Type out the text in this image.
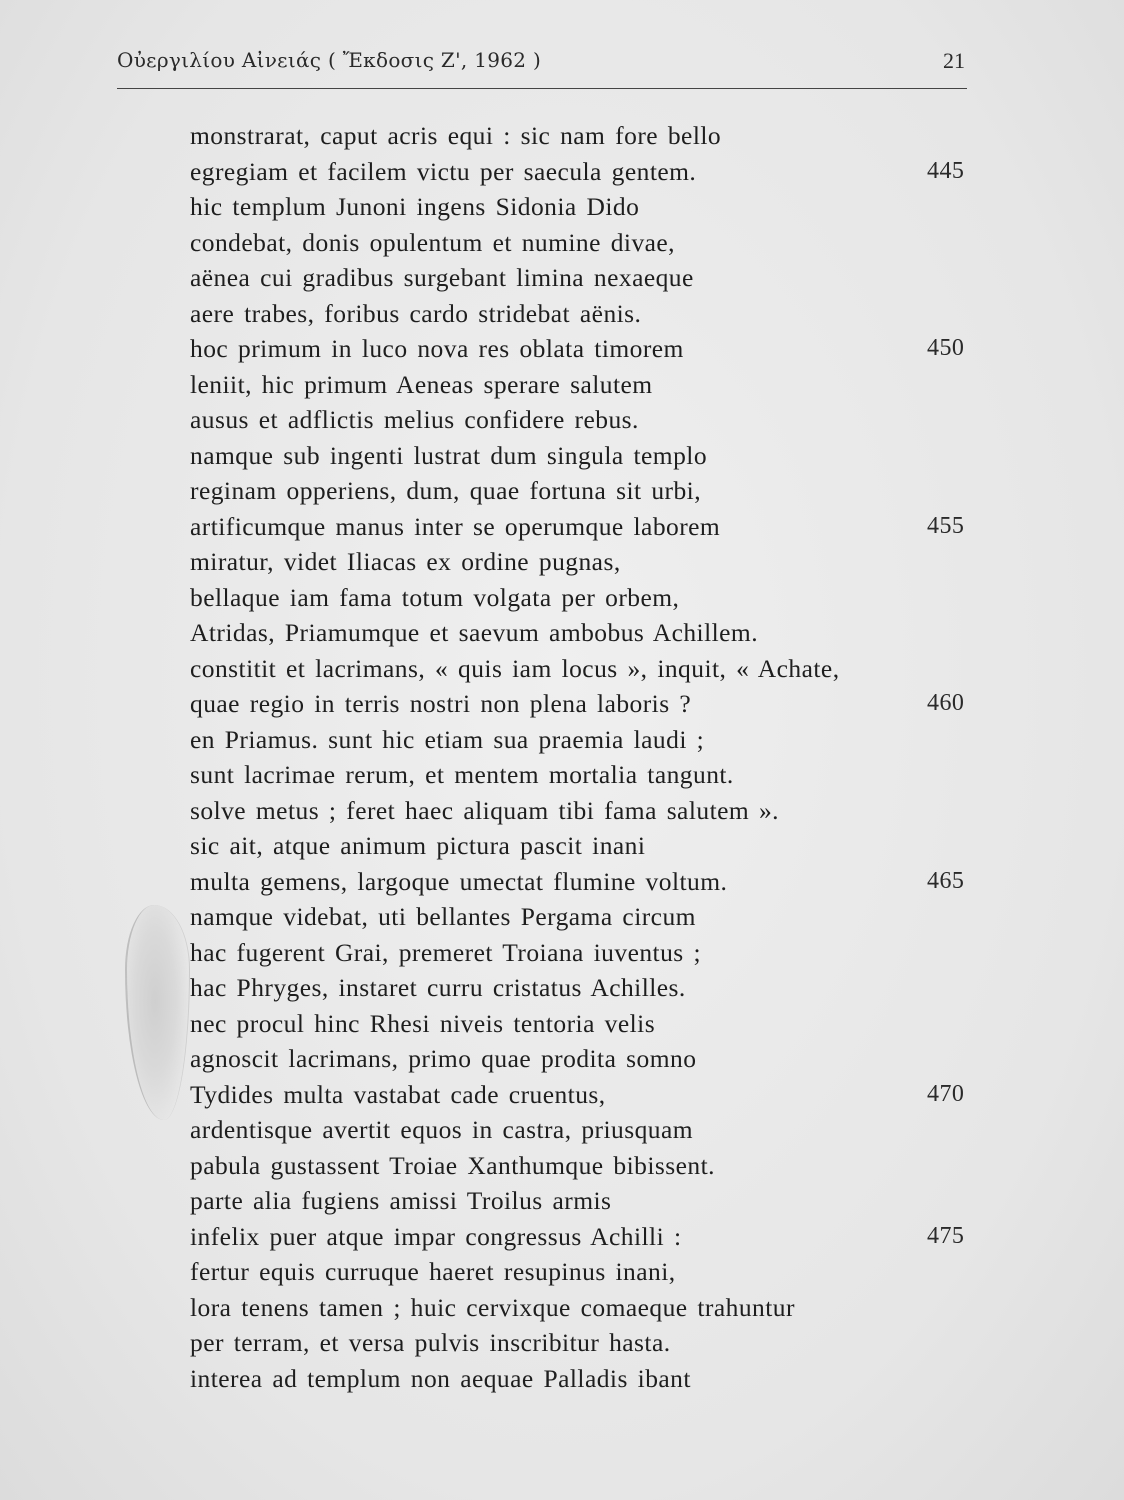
Οὐεργιλίου Αἰνειάς ( Ἔκδοσις Ζ', 1962 )	21
monstrarat, caput acris equi : sic nam fore bello
egregiam et facilem victu per saecula gentem.	445
hic templum Junoni ingens Sidonia Dido
condebat, donis opulentum et numine divae,
aënea cui gradibus surgebant limina nexaeque
aere trabes, foribus cardo stridebat aënis.
hoc primum in luco nova res oblata timorem	450
leniit, hic primum Aeneas sperare salutem
ausus et adflictis melius confidere rebus.
namque sub ingenti lustrat dum singula templo
reginam opperiens, dum, quae fortuna sit urbi,
artificumque manus inter se operumque laborem	455
miratur, videt Iliacas ex ordine pugnas,
bellaque iam fama totum volgata per orbem,
Atridas, Priamumque et saevum ambobus Achillem.
constitit et lacrimans, « quis iam locus », inquit, « Achate,
quae regio in terris nostri non plena laboris ?	460
en Priamus. sunt hic etiam sua praemia laudi ;
sunt lacrimae rerum, et mentem mortalia tangunt.
solve metus ; feret haec aliquam tibi fama salutem ».
sic ait, atque animum pictura pascit inani
multa gemens, largoque umectat flumine voltum.	465
namque videbat, uti bellantes Pergama circum
hac fugerent Grai, premeret Troiana iuventus ;
hac Phryges, instaret curru cristatus Achilles.
nec procul hinc Rhesi niveis tentoria velis
agnoscit lacrimans, primo quae prodita somno
Tydides multa vastabat cade cruentus,	470
ardentisque avertit equos in castra, priusquam
pabula gustassent Troiae Xanthumque bibissent.
parte alia fugiens amissi Troilus armis
infelix puer atque impar congressus Achilli :	475
fertur equis curruque haeret resupinus inani,
lora tenens tamen ; huic cervixque comaeque trahuntur
per terram, et versa pulvis inscribitur hasta.
interea ad templum non aequae Palladis ibant
